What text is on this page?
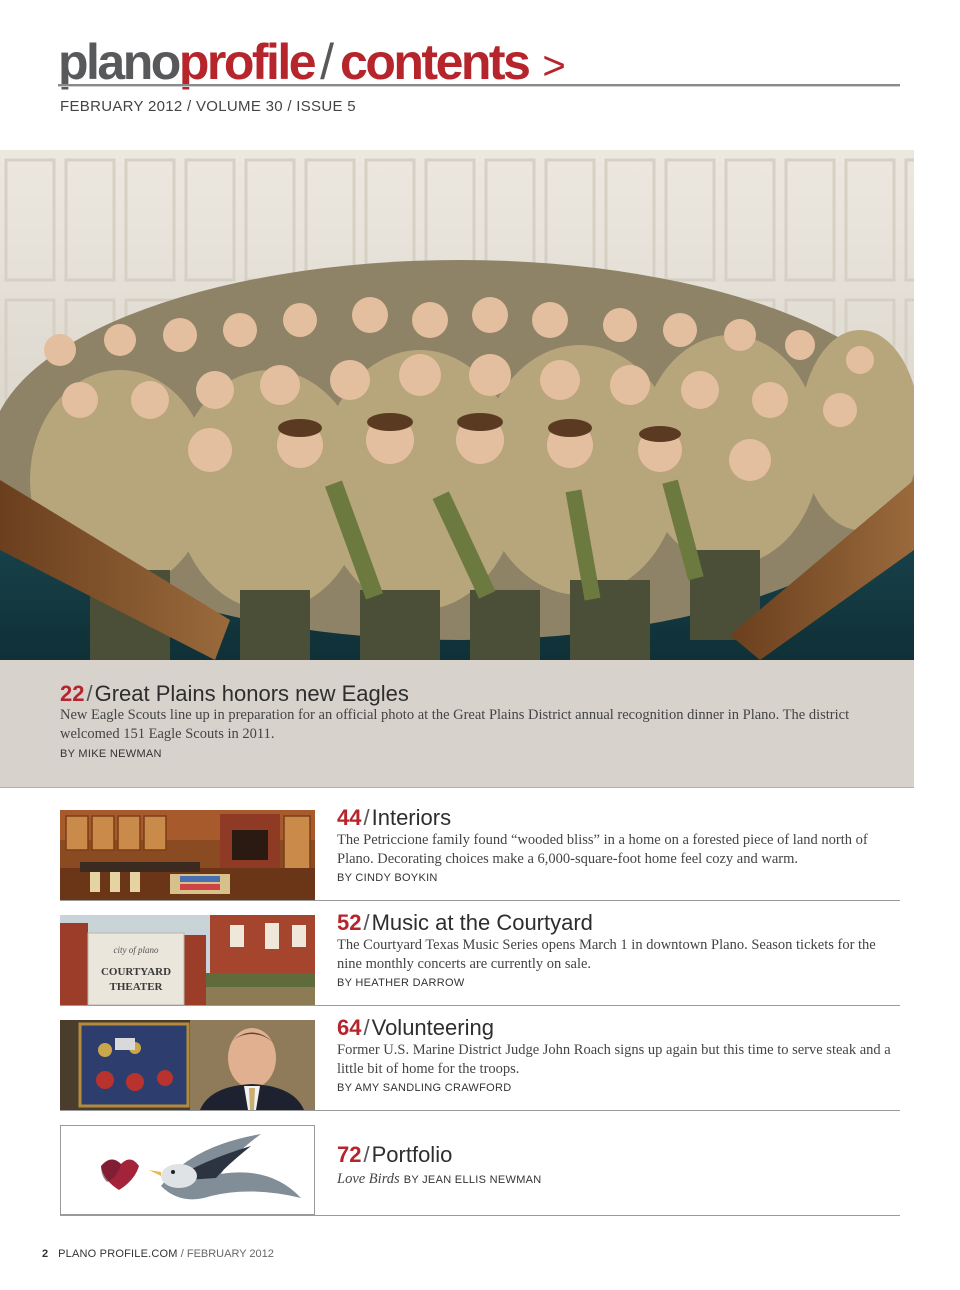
planoprofile / contents >
FEBRUARY 2012 / VOLUME 30 / ISSUE 5
22/Great Plains honors new Eagles
New Eagle Scouts line up in preparation for an official photo at the Great Plains District annual recognition dinner in Plano. The district welcomed 151 Eagle Scouts in 2011.
BY MIKE NEWMAN
44/Interiors
The Petriccione family found “wooded bliss” in a home on a forested piece of land north of Plano. Decorating choices make a 6,000-square-foot home feel cozy and warm.
BY CINDY BOYKIN
city of plano
COURTYARD
THEATER
52/Music at the Courtyard
The Courtyard Texas Music Series opens March 1 in downtown Plano. Season tickets for the nine monthly concerts are currently on sale.
BY HEATHER DARROW
64/Volunteering
Former U.S. Marine District Judge John Roach signs up again but this time to serve steak and a little bit of home for the troops.
BY AMY SANDLING CRAWFORD
72/Portfolio
Love Birds BY JEAN ELLIS NEWMAN
2 PLANO PROFILE.COM / FEBRUARY 2012
